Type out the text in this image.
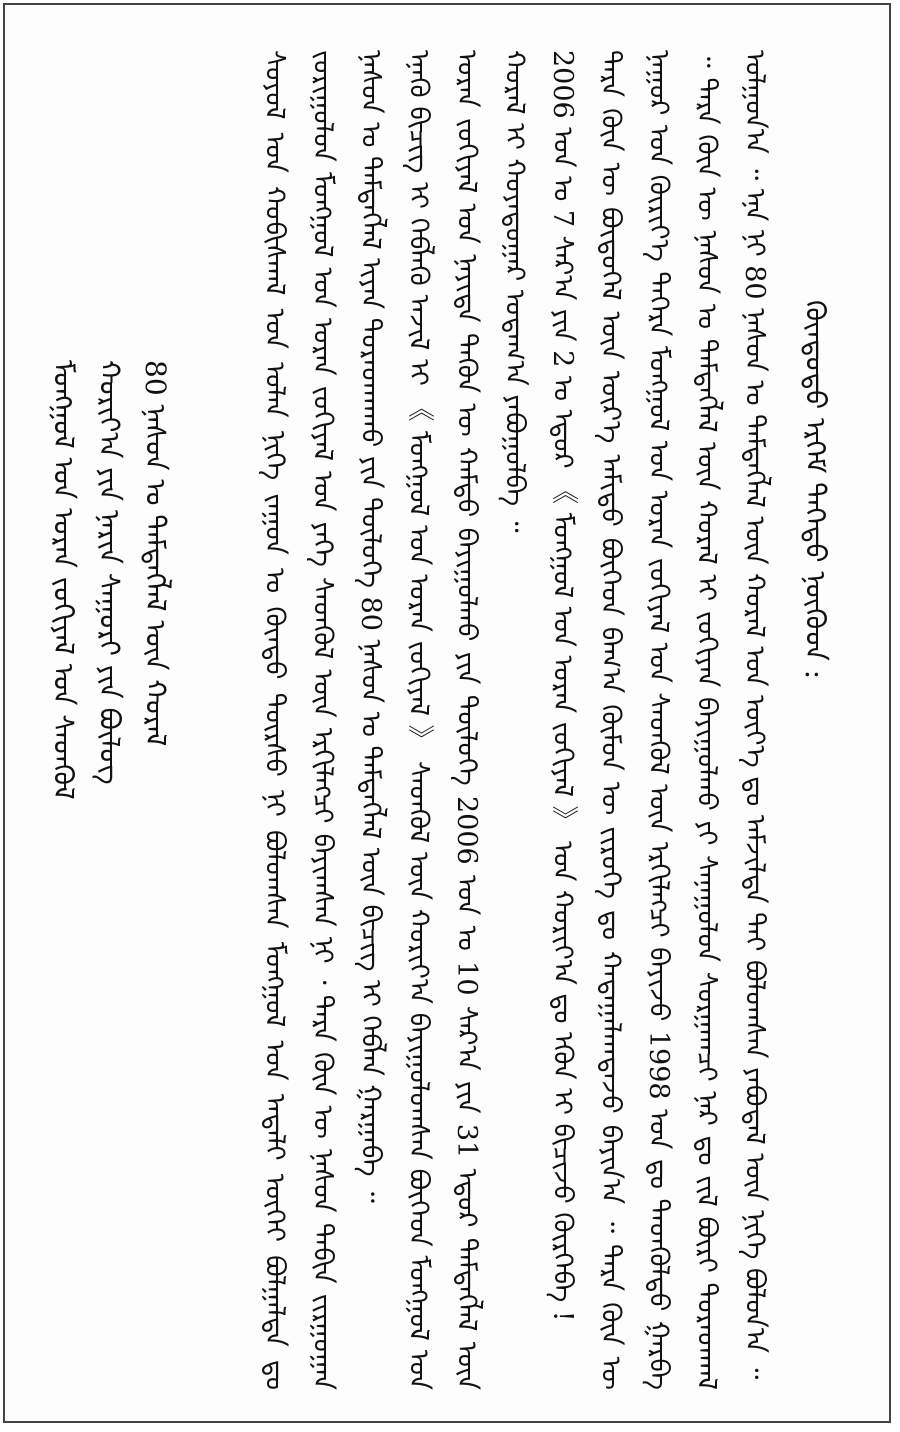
ᠬᠦᠨᠳᠦᠲᠦ ᠡᠷᠬᠡᠮ ᠳᠡᠭᠡᠳᠦ ᠨᠥᠬᠦᠳ :

ᠰᠣᠶᠣᠯ ᠤᠨ ᠬᠤᠪᠢᠰᠬᠠᠯ ᠤᠨ ᠣᠯᠠᠨ ᠨᠢᠭᠡ ᠵᠠᠭᠤᠨ ᠤ ᠬᠦᠨᠳᠦ ᠳᠦᠷᠰᠦ ᠨᠢ ᠪᠣᠯᠣᠭᠰᠠᠨ ᠮᠣᠩᠭᠣᠯ ᠤᠨ ᠠᠳᠠᠯᠢ ᠦᠭᠡᠢ ᠪᠣᠯᠭᠠᠯᠲᠠ ᠳᠤ ᠵᠣᠷᠢᠭᠤᠯᠤᠨ ᠮᠣᠩᠭᠣᠯ ᠤᠨ ᠤᠷᠠᠨ ᠵᠣᠬᠢᠶᠠᠯ ᠤᠨ ᠶᠡᠬᠡ ᠰᠡᠳᠬᠦᠯ ᠦᠨ ᠡᠷᠬᠢᠯᠡᠭᠴᠢ ᠪᠠᠶᠢᠭᠰᠠᠨ ᠨᠢ ᠂ ᠲᠡᠷᠡ ᠬᠦᠨ ᠦ ᠨᠠᠰᠤᠨ ᠲᠠᠪᠢᠨ ᠵᠢᠷᠭᠤᠭᠠᠨ ᠨᠠᠰᠤᠨ ᠤ ᠲᠡᠮᠳᠡᠭᠯᠡᠯ ᠢᠶᠡᠨ ᠳᠤᠷᠠᠳᠬᠠᠬᠤ ᠶᠢᠨ ᠲᠥᠯᠦᠭᠡ 80 ᠨᠠᠰᠤᠨ ᠤ ᠲᠡᠮᠳᠡᠭᠯᠡᠯ ᠦᠨ ᠪᠢᠴᠢᠭ ᠢ ᠬᠡᠪᠯᠡᠨ ᠭᠠᠷᠭᠠᠪᠠ ᠃ ᠡᠨᠡᠬᠦ ᠪᠢᠴᠢᠭ ᠢ ᠬᠡᠪᠯᠡᠬᠦ ᠠᠵᠢᠯ ᠢ 《 ᠮᠣᠩᠭᠣᠯ ᠤᠨ ᠤᠷᠠᠨ ᠵᠣᠬᠢᠶᠠᠯ 》 ᠰᠡᠳᠬᠦᠯ ᠦᠨ ᠬᠣᠷᠢᠶ᠎ᠠ ᠪᠠᠶᠢᠭᠤᠯᠤᠭᠰᠠᠨ ᠪᠥᠭᠡᠳ ᠮᠣᠩᠭᠣᠯ ᠤᠨ ᠤᠷᠠᠨ ᠵᠣᠬᠢᠶᠠᠯ ᠤᠨ ᠨᠡᠶᠢᠲᠡ ᠲᠡᠭᠦᠨ ᠦ ᠬᠠᠮᠲᠤ ᠪᠠᠶᠢᠭᠤᠯᠬᠤ ᠶᠢᠨ ᠲᠥᠯᠦᠭᠡ 2006 ᠣᠨ ᠤ 10 ᠰᠠᠷ᠎ᠠ ᠶᠢᠨ 31 ᠡᠳᠦᠷ ᠲᠡᠮᠳᠡᠭᠯᠡᠯ ᠦᠨ ᠬᠤᠷᠠᠯ ᠢ ᠬᠣᠶᠠᠳᠤᠭᠠᠷ ᠤᠳᠠᠭ᠎ᠠ ᠶᠠᠪᠤᠭᠤᠯᠪᠠ ᠃ 2006 ᠣᠨ ᠤ 7 ᠰᠠᠷ᠎ᠠ ᠶᠢᠨ 2 ᠤ ᠡᠳᠦᠷ 《 ᠮᠣᠩᠭᠣᠯ ᠤᠨ ᠤᠷᠠᠨ ᠵᠣᠬᠢᠶᠠᠯ 》 ᠤᠨ ᠬᠣᠷᠢᠶ᠎ᠠ ᠳᠤ ᠡᠭᠦᠨ ᠢ ᠪᠢᠴᠢᠵᠦ ᠬᠦᠷᠭᠡᠪᠡ ! ᠲᠡᠷᠡ ᠬᠦᠨ ᠦ ᠪᠦᠲᠦᠭᠡᠯ ᠦᠨ ᠦᠷ᠎ᠡ ᠠᠮᠢᠳᠤ ᠪᠥᠭᠡᠳ ᠪᠠᠭ᠎ᠠ ᠬᠦᠮᠦᠨ ᠦ ᠵᠢᠷᠦᠬᠡ ᠳᠤ ᠬᠠᠳᠠᠭᠠᠯᠠᠭᠳᠠᠵᠤ ᠪᠠᠶᠢᠨ᠎ᠠ ᠃ ᠲᠡᠷᠡ ᠬᠦᠨ ᠦ ᠨᠠᠭᠤᠷ ᠤᠨ ᠬᠦᠷᠢᠶ᠎ᠡ ᠳᠡᠭᠡᠷᠡ ᠮᠣᠩᠭᠣᠯ ᠤᠨ ᠤᠷᠠᠨ ᠵᠣᠬᠢᠶᠠᠯ ᠤᠨ ᠰᠡᠳᠬᠦᠯ ᠦᠨ ᠡᠷᠬᠢᠯᠡᠭᠴᠢ ᠪᠠᠶᠢᠵᠤ 1998 ᠣᠨ ᠳᠤ ᠲᠡᠳᠭᠦᠯᠳᠦ ᠭᠠᠷᠪᠠ ᠃ ᠲᠡᠷᠡ ᠬᠦᠨ ᠦ ᠨᠠᠰᠤᠨ ᠤ ᠲᠡᠮᠳᠡᠭᠯᠡᠯ ᠦᠨ ᠬᠤᠷᠠᠯ ᠢ ᠵᠣᠬᠢᠶᠠᠨ ᠪᠠᠶᠢᠭᠤᠯᠬᠤ ᠶᠢ ᠰᠠᠨᠠᠭᠤᠯᠤᠨ ᠰᠤᠷᠭᠠᠭᠴᠢ ᠨᠠᠷ ᠳᠤ ᠵᠢᠯ ᠪᠦᠷᠢ ᠳᠤᠷᠠᠳᠬᠠᠯ ᠣᠯᠭᠣᠨ᠎ᠠ ᠃ ᠡᠨᠡ ᠨᠢ 80 ᠨᠠᠰᠤᠨ ᠤ ᠲᠡᠮᠳᠡᠭᠯᠡᠯ ᠦᠨ ᠬᠤᠷᠠᠯ ᠤᠨ ᠦᠶ᠎ᠡ ᠳᠤ ᠠᠮᠵᠢᠯᠲᠠ ᠲᠠᠢ ᠪᠣᠯᠣᠭᠰᠠᠨ ᠶᠠᠪᠤᠳᠠᠯ ᠦᠨ ᠨᠢᠭᠡ ᠪᠣᠯᠤᠨ᠎ᠠ ᠃

ᠮᠣᠩᠭᠣᠯ ᠤᠨ ᠤᠷᠠᠨ ᠵᠣᠬᠢᠶᠠᠯ ᠤᠨ ᠰᠡᠳᠬᠦᠯ ᠬᠣᠷᠢᠶ᠎ᠠ ᠶᠢᠨ ᠨᠠᠷᠢᠨ ᠰᠠᠭᠤᠷᠢ ᠶᠢᠨ ᠪᠦᠯᠦᠭ 80 ᠨᠠᠰᠤᠨ ᠤ ᠲᠡᠮᠳᠡᠭᠯᠡᠯ ᠦᠨ ᠬᠤᠷᠠᠯ
